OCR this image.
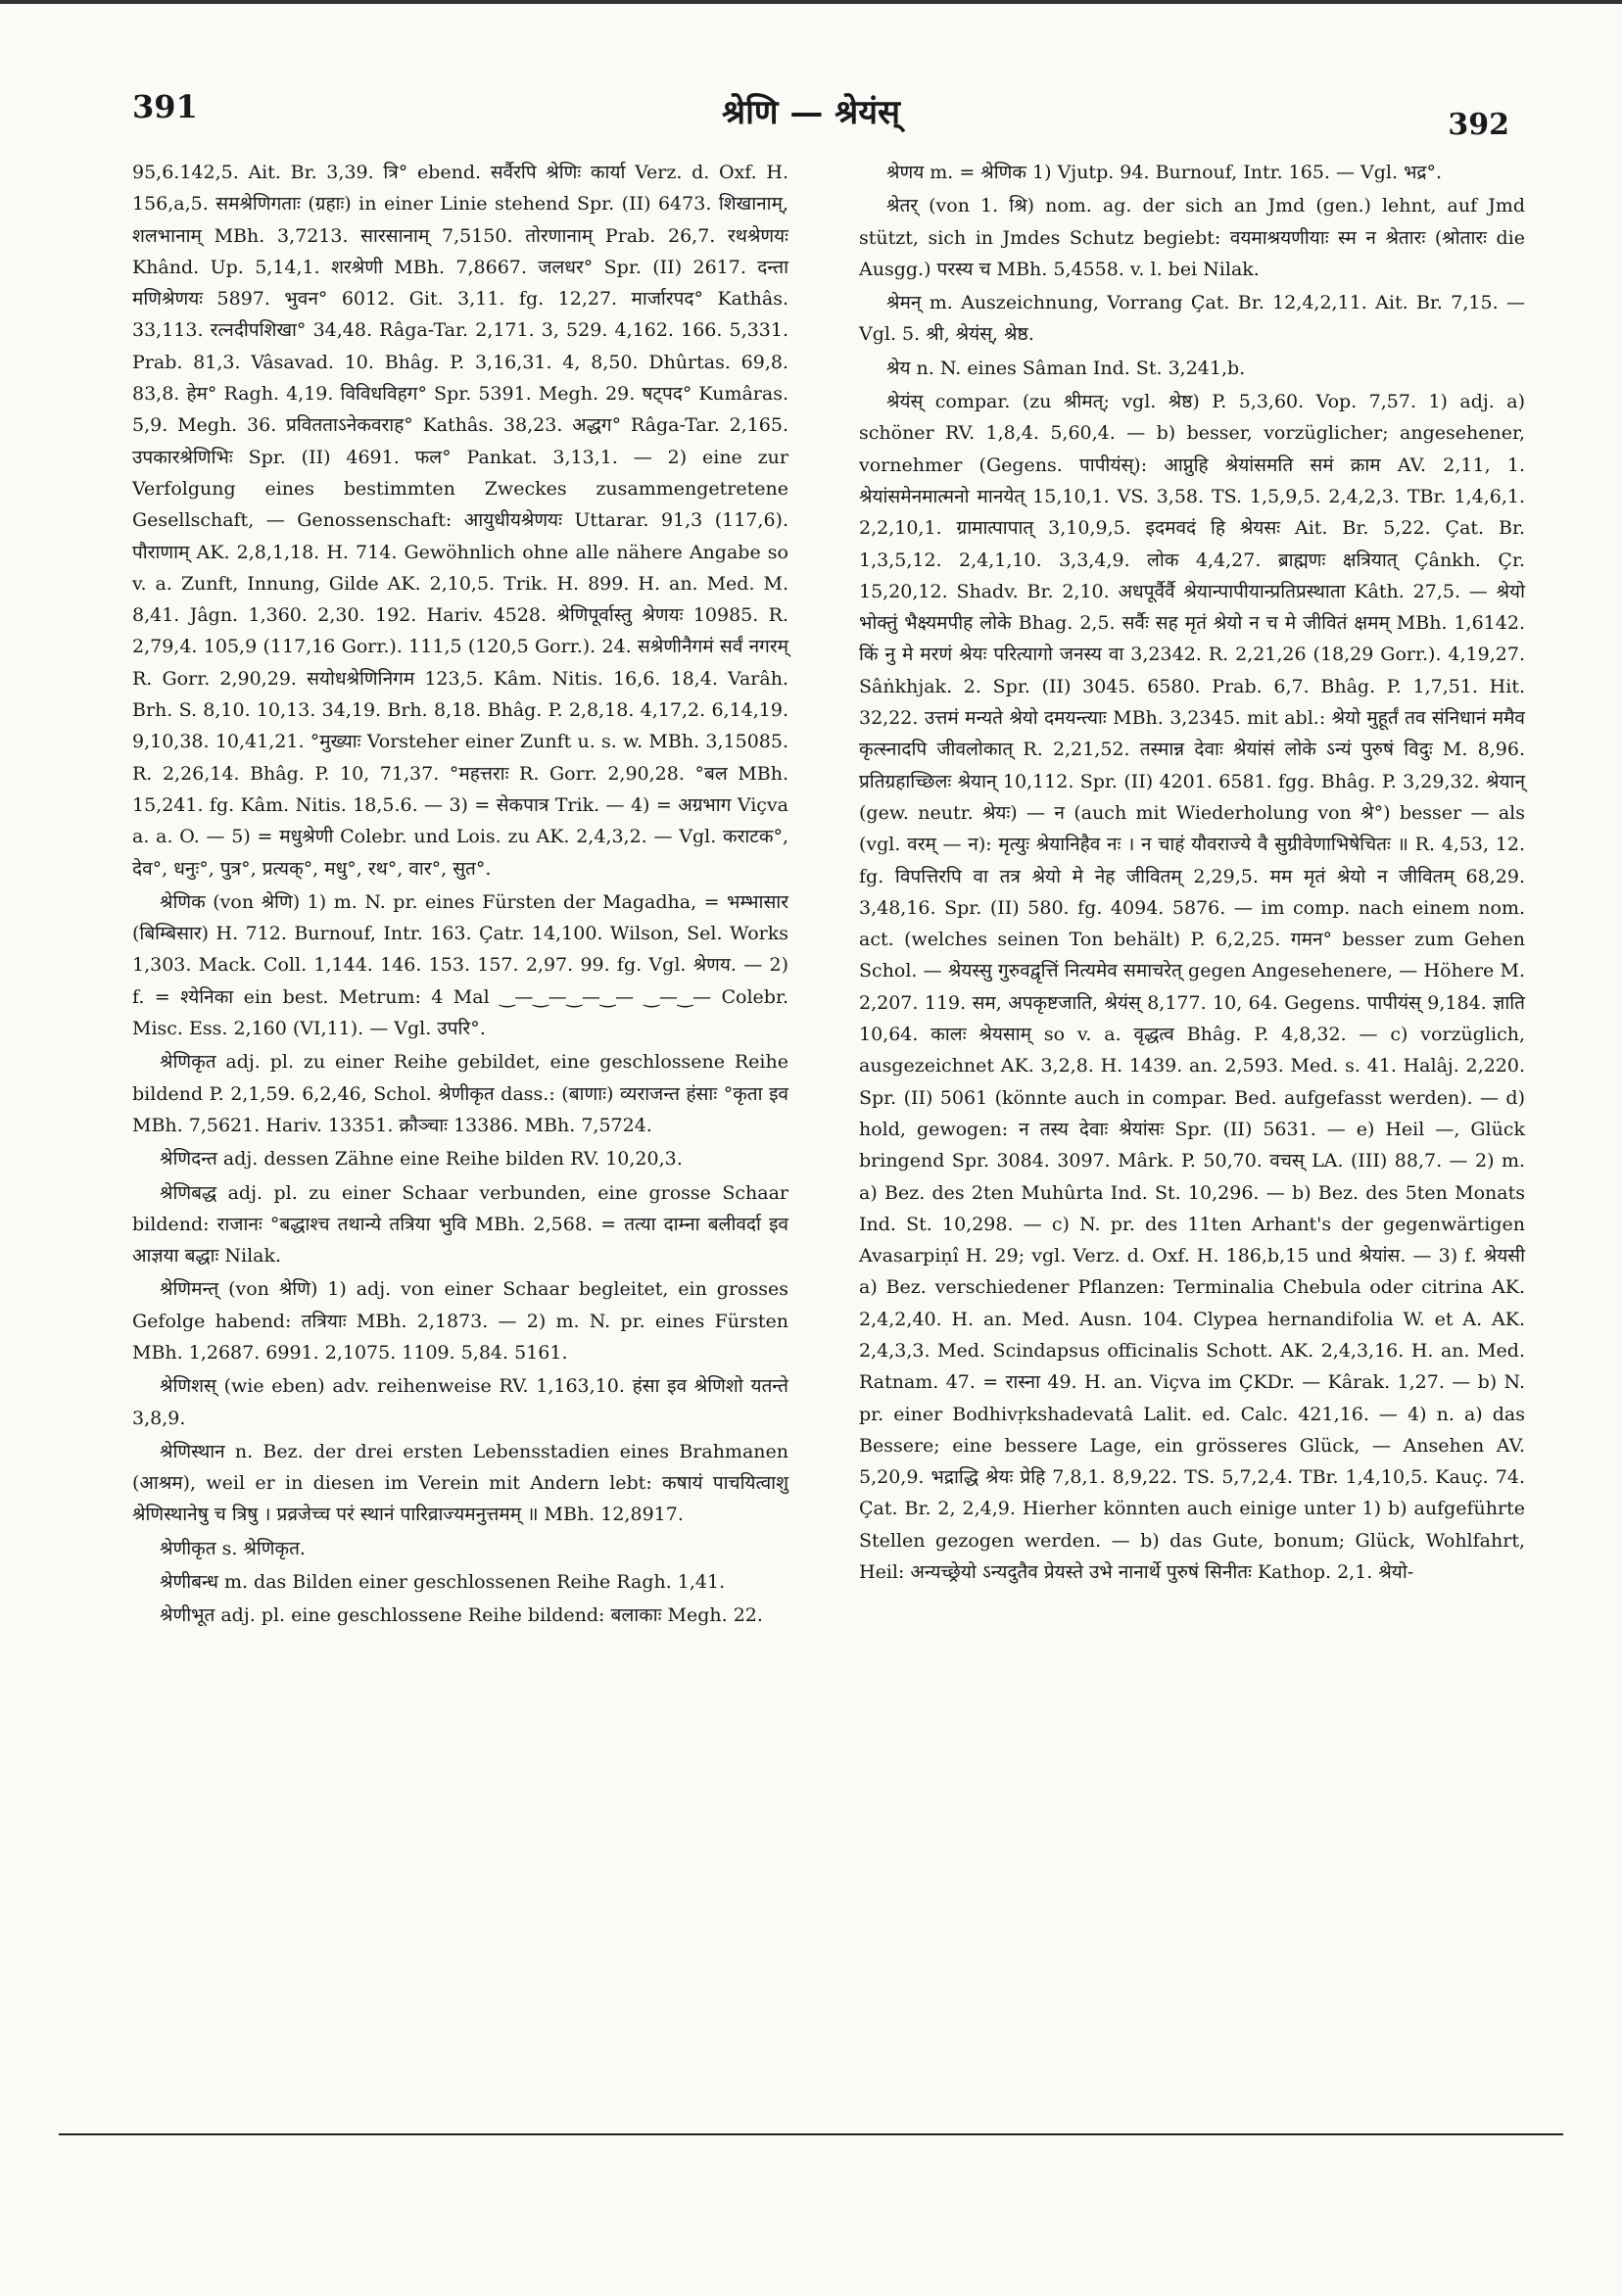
391	श्रेणि — श्रेयंस्	392

95,6.142,5. Ait. Br. 3,39. त्रि° ebend. सर्वैरपि श्रेणिः कार्या Verz. d. Oxf. H. 156,a,5. समश्रेणिगताः (ग्रहाः) in einer Linie stehend Spr. (II) 6473. शिखानाम्, शलभानाम् MBh. 3,7213. सारसानाम् 7,5150. तोरणानाम् Prab. 26,7. रथश्रेणयः Khând. Up. 5,14,1. शरश्रेणी MBh. 7,8667. जलधर° Spr. (II) 2617. दन्ता मणिश्रेणयः 5897. भुवन° 6012. Git. 3,11. fg. 12,27. मार्जारपद° Kathâs. 33,113. रत्नदीपशिखा° 34,48. Râga-Tar. 2,171. 3, 529. 4,162. 166. 5,331. Prab. 81,3. Vâsavad. 10. Bhâg. P. 3,16,31. 4, 8,50. Dhûrtas. 69,8. 83,8. हेम° Ragh. 4,19. विविधविहग° Spr. 5391. Megh. 29. षट्पद° Kumâras. 5,9. Megh. 36. प्रवितताऽनेकवराह° Kathâs. 38,23. अद्धग° Râga-Tar. 2,165. उपकारश्रेणिभिः Spr. (II) 4691. फल° Pankat. 3,13,1. — 2) eine zur Verfolgung eines bestimmten Zweckes zusammengetretene Gesellschaft, — Genossenschaft: आयुधीयश्रेणयः Uttarar. 91,3 (117,6). पौराणाम् AK. 2,8,1,18. H. 714. Gewöhnlich ohne alle nähere Angabe so v. a. Zunft, Innung, Gilde AK. 2,10,5. Trik. H. 899. H. an. Med. M. 8,41. Jâgn. 1,360. 2,30. 192. Hariv. 4528. श्रेणिपूर्वास्तु श्रेणयः 10985. R. 2,79,4. 105,9 (117,16 Gorr.). 111,5 (120,5 Gorr.). 24. सश्रेणीनैगमं सर्वं नगरम् R. Gorr. 2,90,29. सयोधश्रेणिनिगम 123,5. Kâm. Nitis. 16,6. 18,4. Varâh. Brh. S. 8,10. 10,13. 34,19. Brh. 8,18. Bhâg. P. 2,8,18. 4,17,2. 6,14,19. 9,10,38. 10,41,21. °मुख्याः Vorsteher einer Zunft u. s. w. MBh. 3,15085. R. 2,26,14. Bhâg. P. 10, 71,37. °महत्तराः R. Gorr. 2,90,28. °बल MBh. 15,241. fg. Kâm. Nitis. 18,5.6. — 3) = सेकपात्र Trik. — 4) = अग्रभाग Viçva a. a. O. — 5) = मधुश्रेणी Colebr. und Lois. zu AK. 2,4,3,2. — Vgl. कराटक°, देव°, धनुः°, पुत्र°, प्रत्यक्°, मधु°, रथ°, वार°, सुत°.

श्रेणिक (von श्रेणि) 1) m. N. pr. eines Fürsten der Magadha, = भम्भासार (बिम्बिसार) H. 712. Burnouf, Intr. 163. Çatr. 14,100. Wilson, Sel. Works 1,303. Mack. Coll. 1,144. 146. 153. 157. 2,97. 99. fg. Vgl. श्रेणय. — 2) f. = श्येनिका ein best. Metrum: 4 Mal ‿—‿—‿—‿— ‿—‿— Colebr. Misc. Ess. 2,160 (VI,11). — Vgl. उपरि°.

श्रेणिकृत adj. pl. zu einer Reihe gebildet, eine geschlossene Reihe bildend P. 2,1,59. 6,2,46, Schol. श्रेणीकृत dass.: (बाणाः) व्यराजन्त हंसाः °कृता इव MBh. 7,5621. Hariv. 13351. क्रौञ्चाः 13386. MBh. 7,5724.

श्रेणिदन्त adj. dessen Zähne eine Reihe bilden RV. 10,20,3.

श्रेणिबद्ध adj. pl. zu einer Schaar verbunden, eine grosse Schaar bildend: राजानः °बद्धाश्च तथान्ये तत्रिया भुवि MBh. 2,568. = तत्या दाम्ना बलीवर्दा इव आज्ञया बद्धाः Nilak.

श्रेणिमन्त् (von श्रेणि) 1) adj. von einer Schaar begleitet, ein grosses Gefolge habend: तत्रियाः MBh. 2,1873. — 2) m. N. pr. eines Fürsten MBh. 1,2687. 6991. 2,1075. 1109. 5,84. 5161.

श्रेणिशस् (wie eben) adv. reihenweise RV. 1,163,10. हंसा इव श्रेणिशो यतन्ते 3,8,9.

श्रेणिस्थान n. Bez. der drei ersten Lebensstadien eines Brahmanen (आश्रम), weil er in diesen im Verein mit Andern lebt: कषायं पाचयित्वाशु श्रेणिस्थानेषु च त्रिषु । प्रव्रजेच्च परं स्थानं पारिव्राज्यमनुत्तमम् ॥ MBh. 12,8917.

श्रेणीकृत s. श्रेणिकृत.

श्रेणीबन्ध m. das Bilden einer geschlossenen Reihe Ragh. 1,41.

श्रेणीभूत adj. pl. eine geschlossene Reihe bildend: बलाकाः Megh. 22.

श्रेणय m. = श्रेणिक 1) Vjutp. 94. Burnouf, Intr. 165. — Vgl. भद्र°.

श्रेतर् (von 1. श्रि) nom. ag. der sich an Jmd (gen.) lehnt, auf Jmd stützt, sich in Jmdes Schutz begiebt: वयमाश्रयणीयाः स्म न श्रेतारः (श्रोतारः die Ausgg.) परस्य च MBh. 5,4558. v. l. bei Nilak.

श्रेमन् m. Auszeichnung, Vorrang Çat. Br. 12,4,2,11. Ait. Br. 7,15. — Vgl. 5. श्री, श्रेयंस्, श्रेष्ठ.

श्रेय n. N. eines Sâman Ind. St. 3,241,b.

श्रेयंस् compar. (zu श्रीमत्; vgl. श्रेष्ठ) P. 5,3,60. Vop. 7,57. 1) adj. a) schöner RV. 1,8,4. 5,60,4. — b) besser, vorzüglicher; angesehener, vornehmer (Gegens. पापीयंस्): आप्नुहि श्रेयांसमति समं क्राम AV. 2,11, 1. श्रेयांसमेनमात्मनो मानयेत् 15,10,1. VS. 3,58. TS. 1,5,9,5. 2,4,2,3. TBr. 1,4,6,1. 2,2,10,1. ग्रामात्पापात् 3,10,9,5. इदमवदं हि श्रेयसः Ait. Br. 5,22. Çat. Br. 1,3,5,12. 2,4,1,10. 3,3,4,9. लोक 4,4,27. ब्राह्मणः क्षत्रियात् Çânkh. Çr. 15,20,12. Shadv. Br. 2,10. अधपूर्वैर्वै श्रेयान्पापीयान्प्रतिप्रस्थाता Kâth. 27,5. — श्रेयो भोक्तुं भैक्ष्यमपीह लोके Bhag. 2,5. सर्वैः सह मृतं श्रेयो न च मे जीवितं क्षमम् MBh. 1,6142. किं नु मे मरणं श्रेयः परित्यागो जनस्य वा 3,2342. R. 2,21,26 (18,29 Gorr.). 4,19,27. Sâṅkhjak. 2. Spr. (II) 3045. 6580. Prab. 6,7. Bhâg. P. 1,7,51. Hit. 32,22. उत्तमं मन्यते श्रेयो दमयन्त्याः MBh. 3,2345. mit abl.: श्रेयो मुहूर्तं तव संनिधानं ममैव कृत्स्नादपि जीवलोकात् R. 2,21,52. तस्मान्न देवाः श्रेयांसं लोके ऽन्यं पुरुषं विदुः M. 8,96. प्रतिग्रहाच्छिलः श्रेयान् 10,112. Spr. (II) 4201. 6581. fgg. Bhâg. P. 3,29,32. श्रेयान् (gew. neutr. श्रेयः) — न (auch mit Wiederholung von श्रे°) besser — als (vgl. वरम् — न): मृत्युः श्रेयानिहैव नः । न चाहं यौवराज्ये वै सुग्रीवेणाभिषेचितः ॥ R. 4,53, 12. fg. विपत्तिरपि वा तत्र श्रेयो मे नेह जीवितम् 2,29,5. मम मृतं श्रेयो न जीवितम् 68,29. 3,48,16. Spr. (II) 580. fg. 4094. 5876. — im comp. nach einem nom. act. (welches seinen Ton behält) P. 6,2,25. गमन° besser zum Gehen Schol. — श्रेयस्सु गुरुवद्वृत्तिं नित्यमेव समाचरेत् gegen Angesehenere, — Höhere M. 2,207. 119. सम, अपकृष्टजाति, श्रेयंस् 8,177. 10, 64. Gegens. पापीयंस् 9,184. ज्ञाति 10,64. कालः श्रेयसाम् so v. a. वृद्धत्व Bhâg. P. 4,8,32. — c) vorzüglich, ausgezeichnet AK. 3,2,8. H. 1439. an. 2,593. Med. s. 41. Halâj. 2,220. Spr. (II) 5061 (könnte auch in compar. Bed. aufgefasst werden). — d) hold, gewogen: न तस्य देवाः श्रेयांसः Spr. (II) 5631. — e) Heil —, Glück bringend Spr. 3084. 3097. Mârk. P. 50,70. वचस् LA. (III) 88,7. — 2) m. a) Bez. des 2ten Muhûrta Ind. St. 10,296. — b) Bez. des 5ten Monats Ind. St. 10,298. — c) N. pr. des 11ten Arhant's der gegenwärtigen Avasarpiṇî H. 29; vgl. Verz. d. Oxf. H. 186,b,15 und श्रेयांस. — 3) f. श्रेयसी a) Bez. verschiedener Pflanzen: Terminalia Chebula oder citrina AK. 2,4,2,40. H. an. Med. Ausn. 104. Clypea hernandifolia W. et A. AK. 2,4,3,3. Med. Scindapsus officinalis Schott. AK. 2,4,3,16. H. an. Med. Ratnam. 47. = रास्ना 49. H. an. Viçva im ÇKDr. — Kârak. 1,27. — b) N. pr. einer Bodhivṛkshadevatâ Lalit. ed. Calc. 421,16. — 4) n. a) das Bessere; eine bessere Lage, ein grösseres Glück, — Ansehen AV. 5,20,9. भद्राद्धि श्रेयः प्रेहि 7,8,1. 8,9,22. TS. 5,7,2,4. TBr. 1,4,10,5. Kauç. 74. Çat. Br. 2, 2,4,9. Hierher könnten auch einige unter 1) b) aufgeführte Stellen gezogen werden. — b) das Gute, bonum; Glück, Wohlfahrt, Heil: अन्यच्छ्रेयो ऽन्यदुतैव प्रेयस्ते उभे नानार्थे पुरुषं सिनीतः Kathop. 2,1. श्रेयो-
